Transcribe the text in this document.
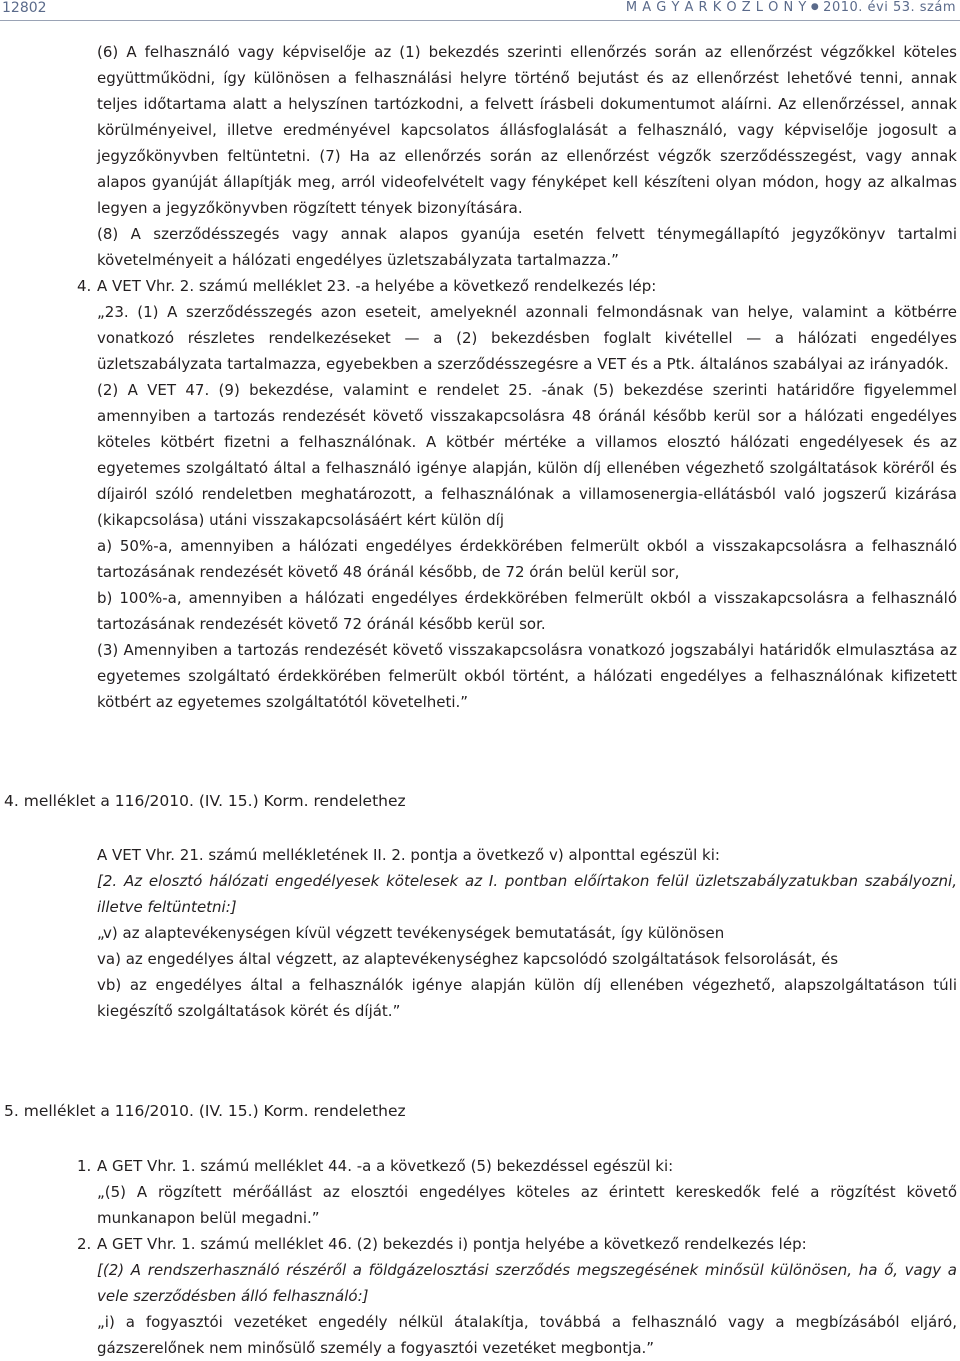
12802	M A G Y A R K Ö Z L Ö N Y ● 2010. évi 53. szám

(6) A felhasználó vagy képviselője az (1) bekezdés szerinti ellenőrzés során az ellenőrzést végzőkkel köteles együttműködni, így különösen a felhasználási helyre történő bejutást és az ellenőrzést lehetővé tenni, annak teljes időtartama alatt a helyszínen tartózkodni, a felvett írásbeli dokumentumot aláírni. Az ellenőrzéssel, annak körülményeivel, illetve eredményével kapcsolatos állásfoglalását a felhasználó, vagy képviselője jogosult a jegyzőkönyvben feltüntetni. (7) Ha az ellenőrzés során az ellenőrzést végzők szerződésszegést, vagy annak alapos gyanúját állapítják meg, arról videofelvételt vagy fényképet kell készíteni olyan módon, hogy az alkalmas legyen a jegyzőkönyvben rögzített tények bizonyítására.

(8) A szerződésszegés vagy annak alapos gyanúja esetén felvett ténymegállapító jegyzőkönyv tartalmi követelményeit a hálózati engedélyes üzletszabályzata tartalmazza.”

4. A VET Vhr. 2. számú melléklet 23. -a helyébe a következő rendelkezés lép:

„23. (1) A szerződésszegés azon eseteit, amelyeknél azonnali felmondásnak van helye, valamint a kötbérre vonatkozó részletes rendelkezéseket — a (2) bekezdésben foglalt kivétellel — a hálózati engedélyes üzletszabályzata tartalmazza, egyebekben a szerződésszegésre a VET és a Ptk. általános szabályai az irányadók.

(2) A VET 47. (9) bekezdése, valamint e rendelet 25. -ának (5) bekezdése szerinti határidőre figyelemmel amennyiben a tartozás rendezését követő visszakapcsolásra 48 óránál később kerül sor a hálózati engedélyes köteles kötbért fizetni a felhasználónak. A kötbér mértéke a villamos elosztó hálózati engedélyesek és az egyetemes szolgáltató által a felhasználó igénye alapján, külön díj ellenében végezhető szolgáltatások köréről és díjairól szóló rendeletben meghatározott, a felhasználónak a villamosenergia-ellátásból való jogszerű kizárása (kikapcsolása) utáni visszakapcsolásáért kért külön díj

a) 50%-a, amennyiben a hálózati engedélyes érdekkörében felmerült okból a visszakapcsolásra a felhasználó tartozásának rendezését követő 48 óránál később, de 72 órán belül kerül sor,

b) 100%-a, amennyiben a hálózati engedélyes érdekkörében felmerült okból a visszakapcsolásra a felhasználó tartozásának rendezését követő 72 óránál később kerül sor.

(3) Amennyiben a tartozás rendezését követő visszakapcsolásra vonatkozó jogszabályi határidők elmulasztása az egyetemes szolgáltató érdekkörében felmerült okból történt, a hálózati engedélyes a felhasználónak kifizetett kötbért az egyetemes szolgáltatótól követelheti.”

4. melléklet a 116/2010. (IV. 15.) Korm. rendelethez

A VET Vhr. 21. számú mellékletének II. 2. pontja a övetkező v) alponttal egészül ki:

[2. Az elosztó hálózati engedélyesek kötelesek az I. pontban előírtakon felül üzletszabályzatukban szabályozni, illetve feltüntetni:]

„v) az alaptevékenységen kívül végzett tevékenységek bemutatását, így különösen

va) az engedélyes által végzett, az alaptevékenységhez kapcsolódó szolgáltatások felsorolását, és

vb) az engedélyes által a felhasználók igénye alapján külön díj ellenében végezhető, alapszolgáltatáson túli kiegészítő szolgáltatások körét és díját.”

5. melléklet a 116/2010. (IV. 15.) Korm. rendelethez
1. A GET Vhr. 1. számú melléklet 44. -a a következő (5) bekezdéssel egészül ki:

„(5) A rögzített mérőállást az elosztói engedélyes köteles az érintett kereskedők felé a rögzítést követő munkanapon belül megadni.”

2. A GET Vhr. 1. számú melléklet 46. (2) bekezdés i) pontja helyébe a következő rendelkezés lép:

[(2) A rendszerhasználó részéről a földgázelosztási szerződés megszegésének minősül különösen, ha ő, vagy a vele szerződésben álló felhasználó:]

„i) a fogyasztói vezetéket engedély nélkül átalakítja, továbbá a felhasználó vagy a megbízásából eljáró, gázszerelőnek nem minősülő személy a fogyasztói vezetéket megbontja.”
